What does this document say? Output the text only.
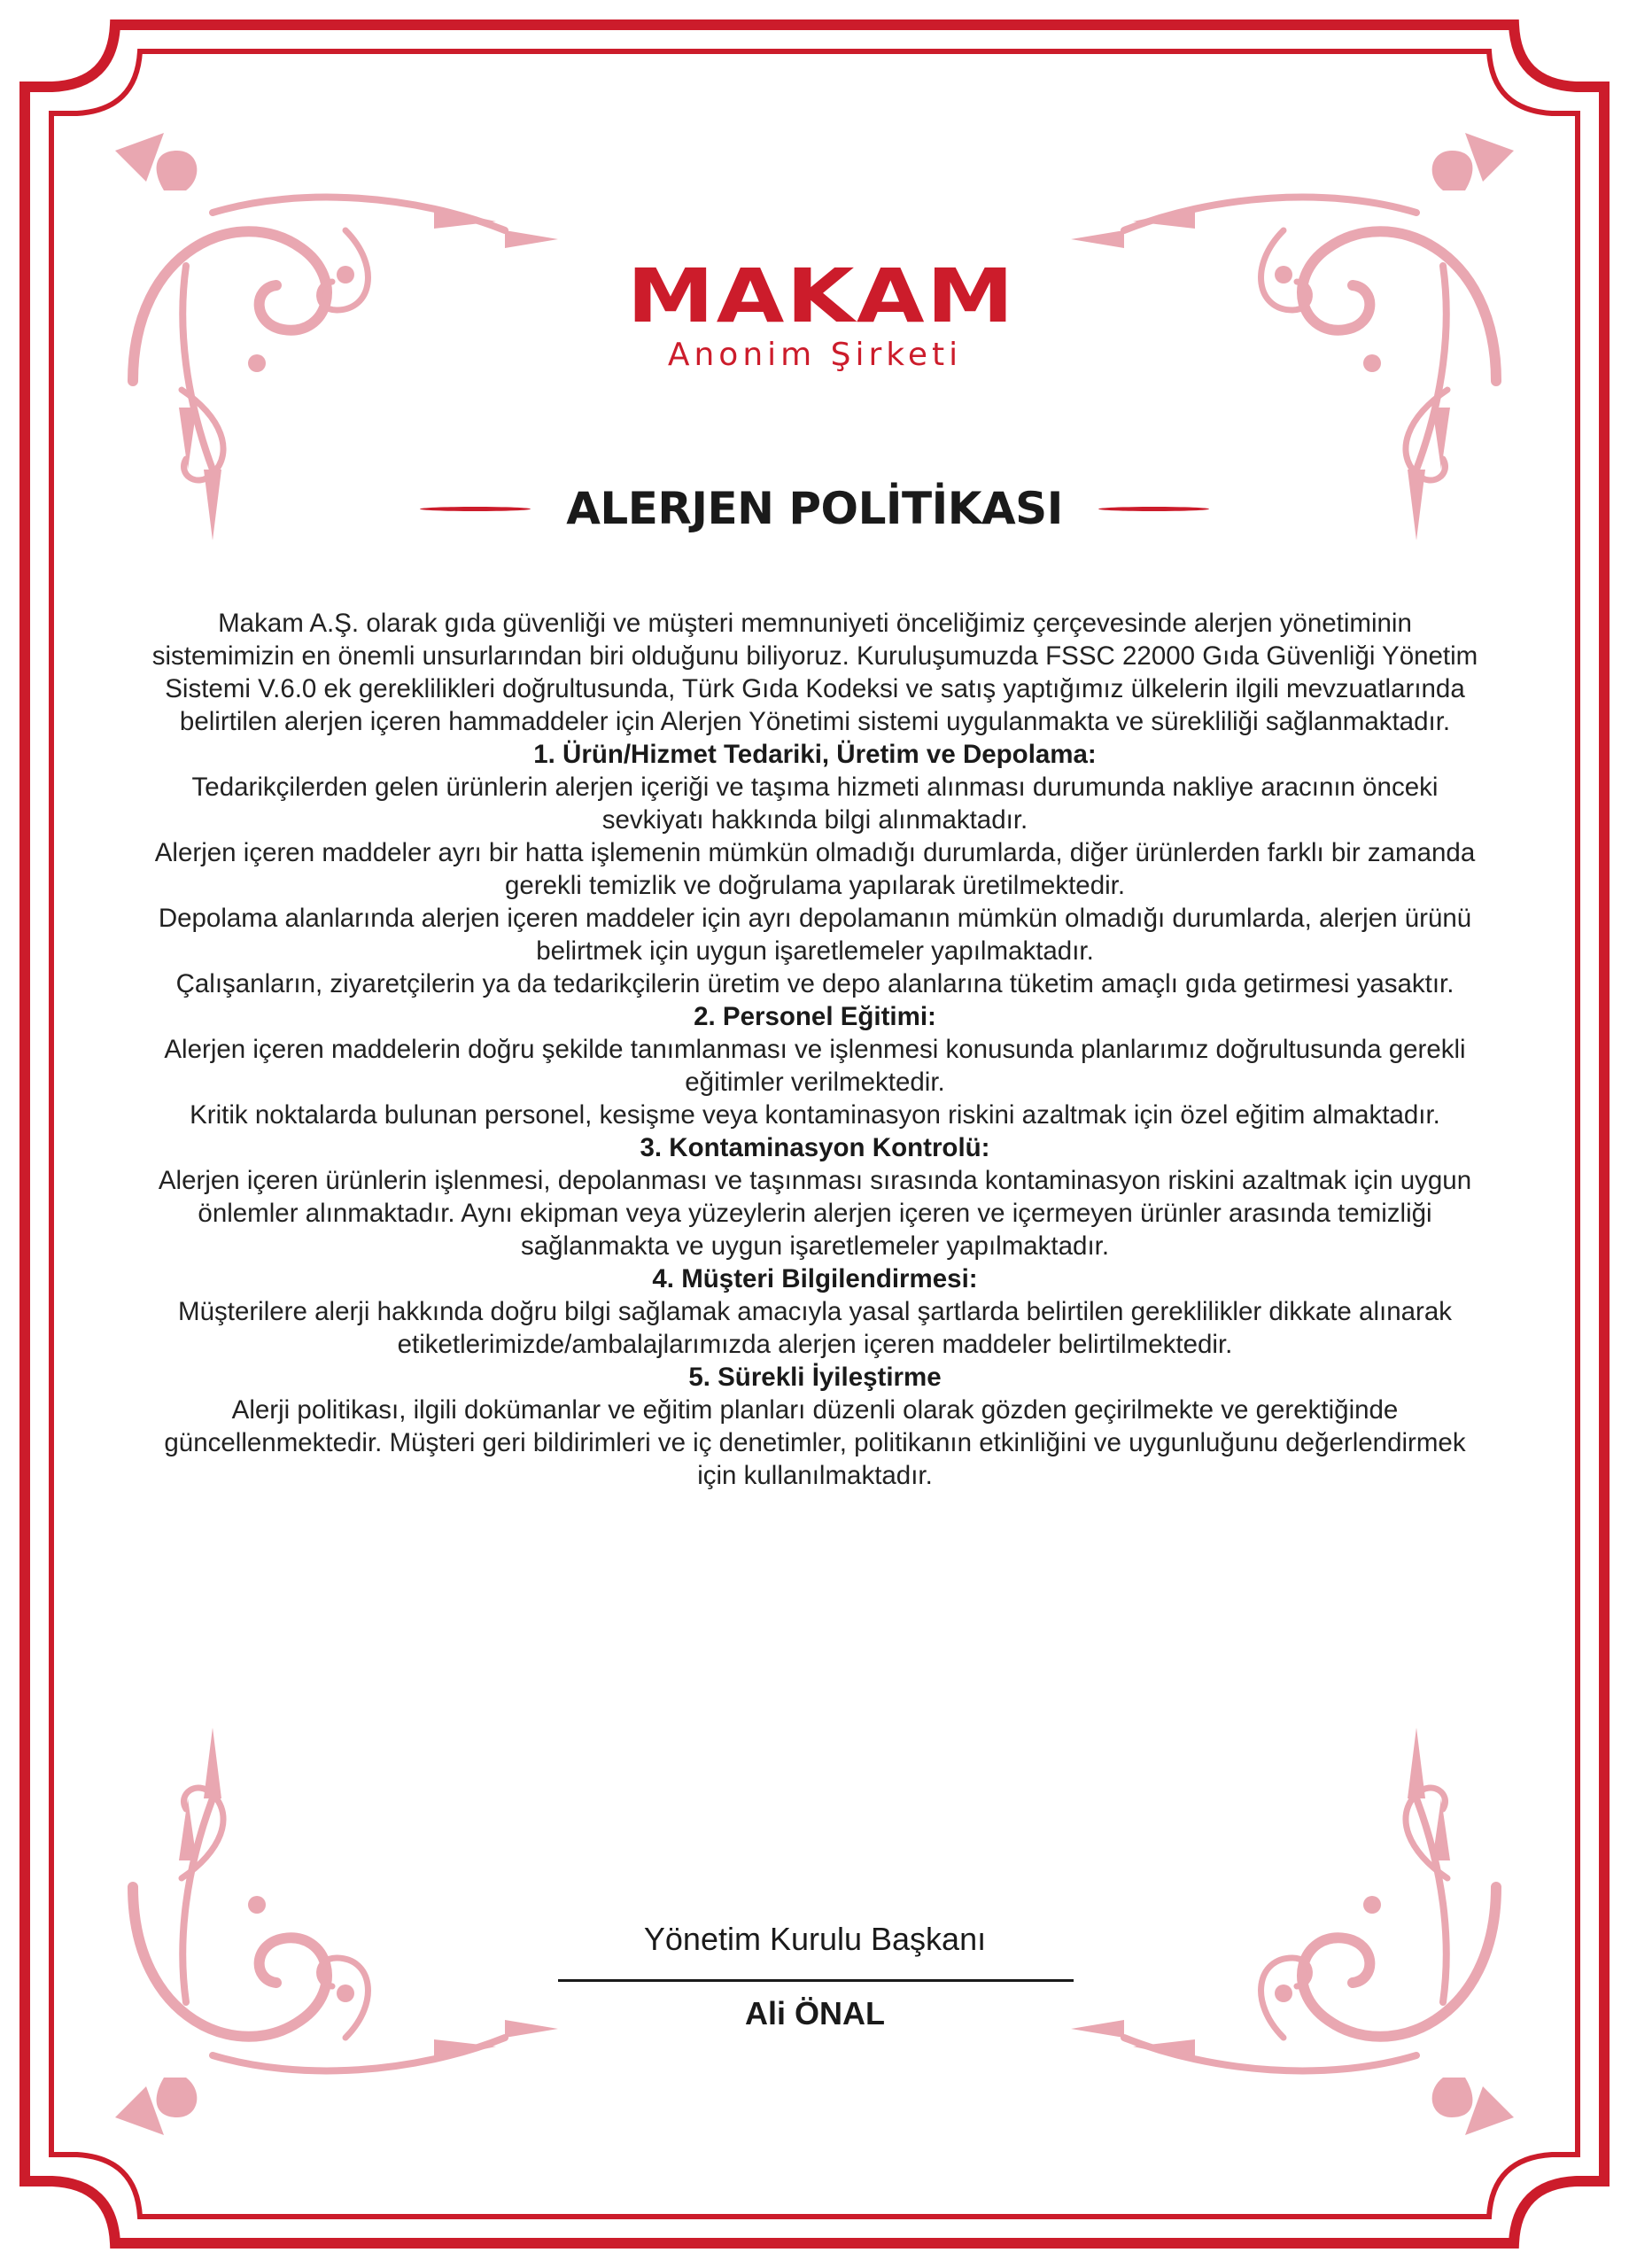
MAKAM
Anonim Şirketi
ALERJEN POLİTİKASI

Makam A.Ş. olarak gıda güvenliği ve müşteri memnuniyeti önceliğimiz çerçevesinde alerjen yönetiminin sistemimizin en önemli unsurlarından biri olduğunu biliyoruz. Kuruluşumuzda FSSC 22000 Gıda Güvenliği Yönetim Sistemi V.6.0 ek gereklilikleri doğrultusunda, Türk Gıda Kodeksi ve satış yaptığımız ülkelerin ilgili mevzuatlarında belirtilen alerjen içeren hammaddeler için Alerjen Yönetimi sistemi uygulanmakta ve sürekliliği sağlanmaktadır.

1. Ürün/Hizmet Tedariki, Üretim ve Depolama:

Tedarikçilerden gelen ürünlerin alerjen içeriği ve taşıma hizmeti alınması durumunda nakliye aracının önceki sevkiyatı hakkında bilgi alınmaktadır.

Alerjen içeren maddeler ayrı bir hatta işlemenin mümkün olmadığı durumlarda, diğer ürünlerden farklı bir zamanda gerekli temizlik ve doğrulama yapılarak üretilmektedir.

Depolama alanlarında alerjen içeren maddeler için ayrı depolamanın mümkün olmadığı durumlarda, alerjen ürünü belirtmek için uygun işaretlemeler yapılmaktadır.

Çalışanların, ziyaretçilerin ya da tedarikçilerin üretim ve depo alanlarına tüketim amaçlı gıda getirmesi yasaktır.

2. Personel Eğitimi:

Alerjen içeren maddelerin doğru şekilde tanımlanması ve işlenmesi konusunda planlarımız doğrultusunda gerekli eğitimler verilmektedir.

Kritik noktalarda bulunan personel, kesişme veya kontaminasyon riskini azaltmak için özel eğitim almaktadır.

3. Kontaminasyon Kontrolü:

Alerjen içeren ürünlerin işlenmesi, depolanması ve taşınması sırasında kontaminasyon riskini azaltmak için uygun önlemler alınmaktadır. Aynı ekipman veya yüzeylerin alerjen içeren ve içermeyen ürünler arasında temizliği sağlanmakta ve uygun işaretlemeler yapılmaktadır.

4. Müşteri Bilgilendirmesi:

Müşterilere alerji hakkında doğru bilgi sağlamak amacıyla yasal şartlarda belirtilen gereklilikler dikkate alınarak etiketlerimizde/ambalajlarımızda alerjen içeren maddeler belirtilmektedir.

5. Sürekli İyileştirme

Alerji politikası, ilgili dokümanlar ve eğitim planları düzenli olarak gözden geçirilmekte ve gerektiğinde güncellenmektedir. Müşteri geri bildirimleri ve iç denetimler, politikanın etkinliğini ve uygunluğunu değerlendirmek için kullanılmaktadır.

Yönetim Kurulu Başkanı
Ali ÖNAL
